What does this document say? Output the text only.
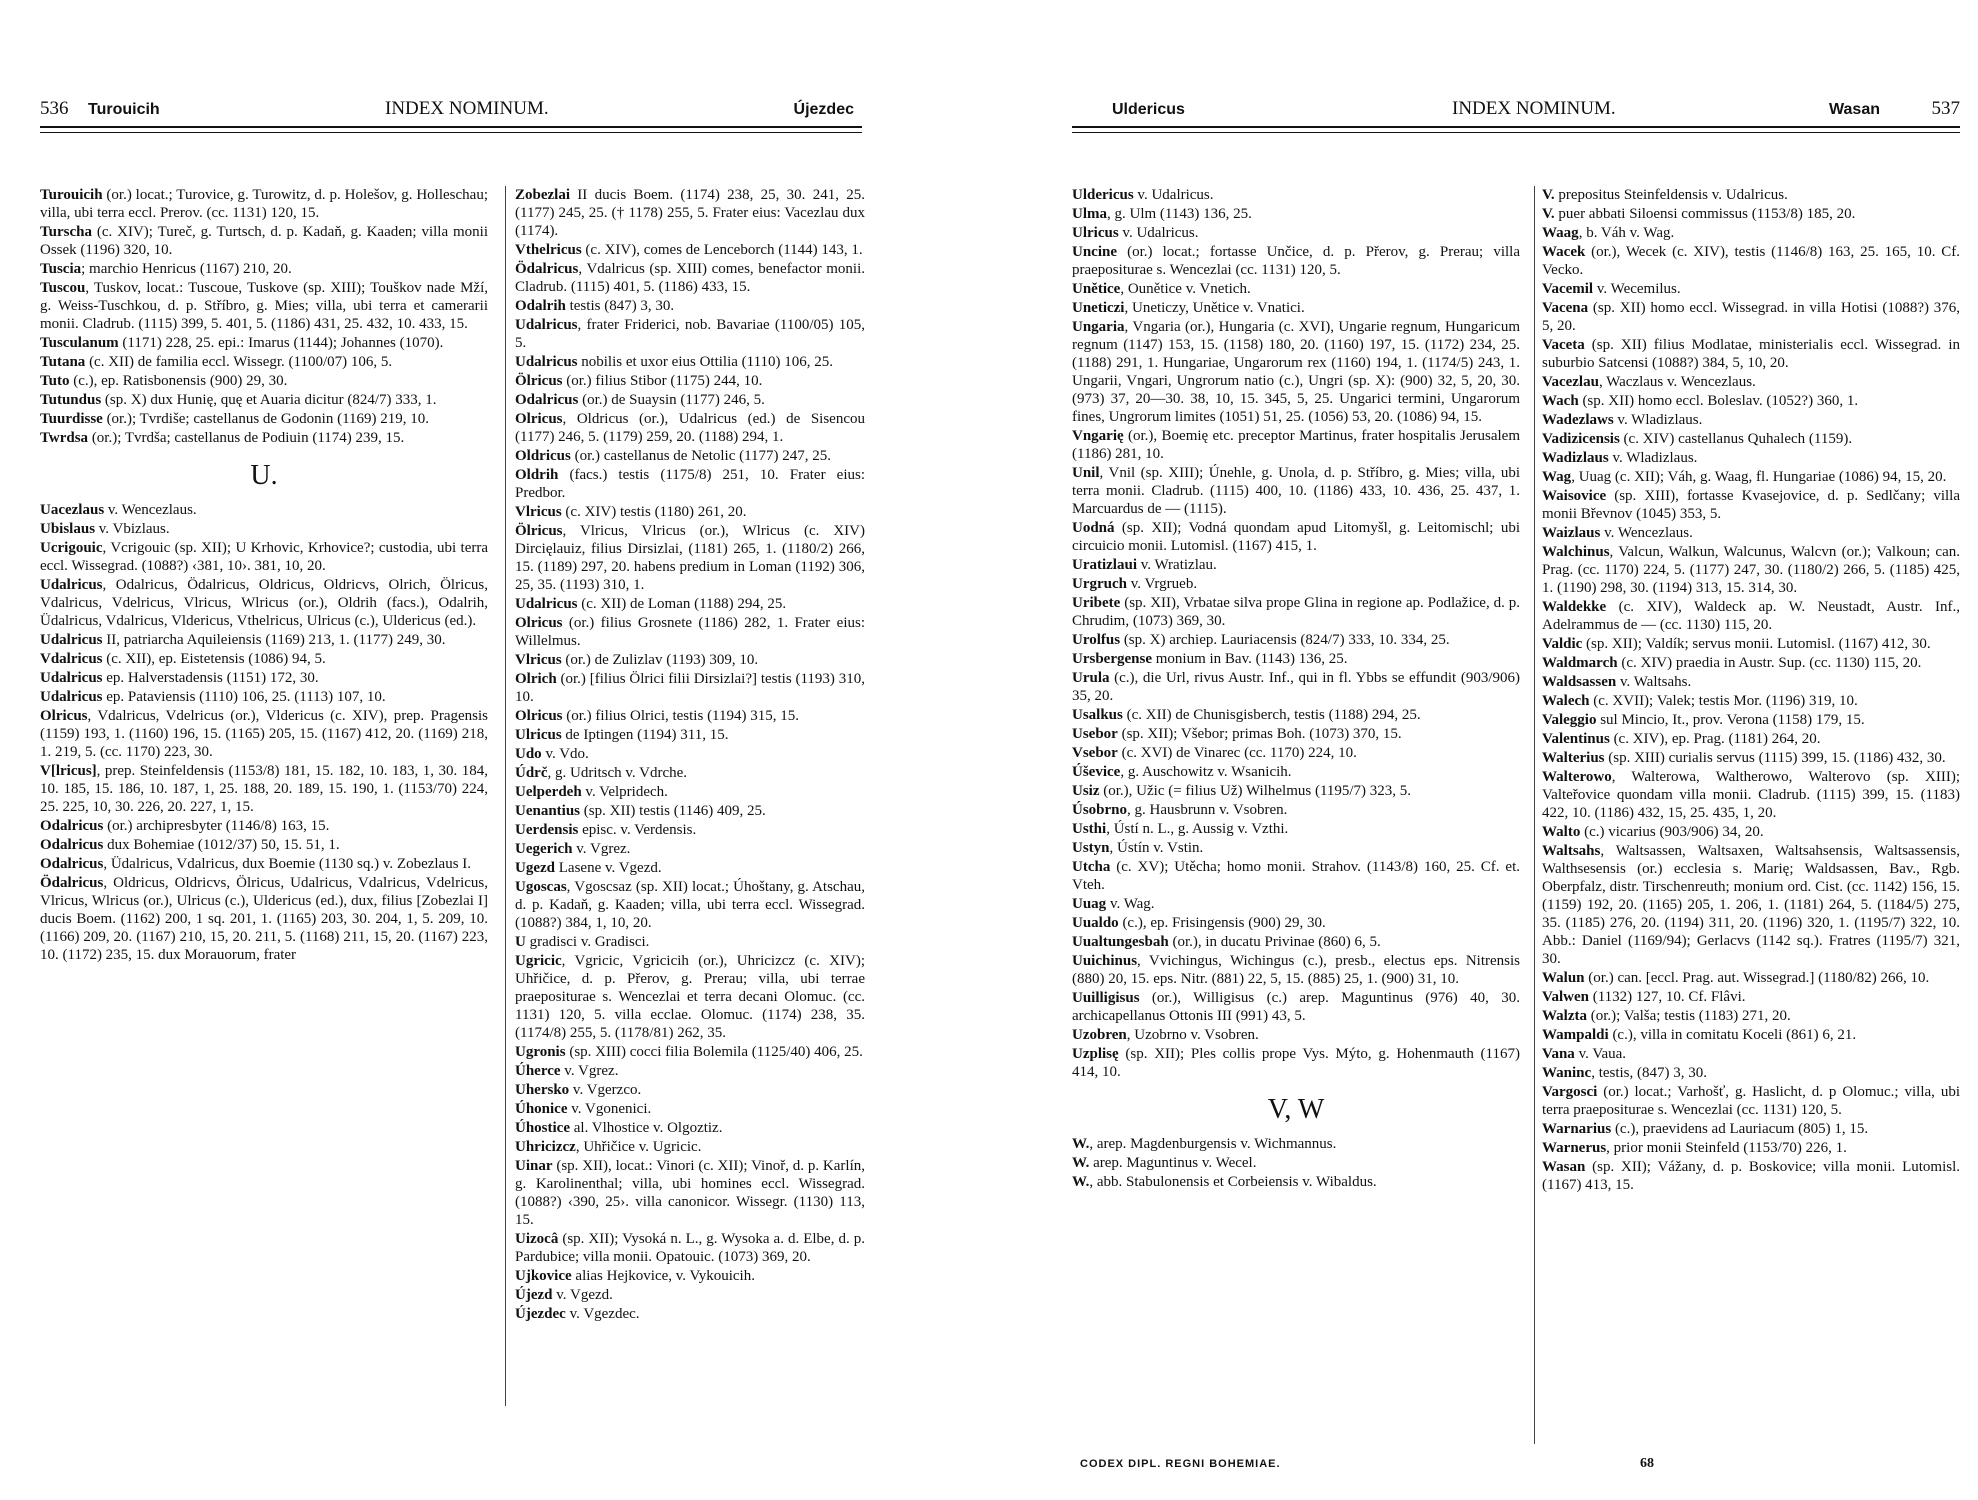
536 Turouicih	INDEX NOMINUM.	Újezdec

Turouicih (or.) locat.; Turovice, g. Turowitz, d. p. Holešov, g. Holleschau; villa, ubi terra eccl. Prerov. (cc. 1131) 120, 15.

Turscha (c. XIV); Tureč, g. Turtsch, d. p. Kadaň, g. Kaaden; villa monii Ossek (1196) 320, 10.

Tuscia; marchio Henricus (1167) 210, 20.

Tuscou, Tuskov, locat.: Tuscoue, Tuskove (sp. XIII); Touškov nade Mží, g. Weiss-Tuschkou, d. p. Stříbro, g. Mies; villa, ubi terra et camerarii monii. Cladrub. (1115) 399, 5. 401, 5. (1186) 431, 25. 432, 10. 433, 15.

Tusculanum (1171) 228, 25. epi.: Imarus (1144); Johannes (1070).

Tutana (c. XII) de familia eccl. Wissegr. (1100/07) 106, 5.

Tuto (c.), ep. Ratisbonensis (900) 29, 30.

Tutundus (sp. X) dux Hunię, quę et Auaria dicitur (824/7) 333, 1.

Tuurdisse (or.); Tvrdiše; castellanus de Godonin (1169) 219, 10.

Twrdsa (or.); Tvrdša; castellanus de Podiuin (1174) 239, 15.

U.

Uacezlaus v. Wencezlaus.

Ubislaus v. Vbizlaus.

Ucrigouic, Vcrigouic (sp. XII); U Krhovic, Krhovice?; custodia, ubi terra eccl. Wissegrad. (1088?) ‹381, 10›. 381, 10, 20.

Udalricus, Odalricus, Ödalricus, Oldricus, Oldricvs, Olrich, Ölricus, Vdalricus, Vdelricus, Vlricus, Wlricus (or.), Oldrih (facs.), Odalrih, Üdalricus, Vdalricus, Vldericus, Vthelricus, Ulricus (c.), Uldericus (ed.).

Udalricus II, patriarcha Aquileiensis (1169) 213, 1. (1177) 249, 30.

Vdalricus (c. XII), ep. Eistetensis (1086) 94, 5.

Udalricus ep. Halverstadensis (1151) 172, 30.

Udalricus ep. Pataviensis (1110) 106, 25. (1113) 107, 10.

Olricus, Vdalricus, Vdelricus (or.), Vldericus (c. XIV), prep. Pragensis (1159) 193, 1. (1160) 196, 15. (1165) 205, 15. (1167) 412, 20. (1169) 218, 1. 219, 5. (cc. 1170) 223, 30.

V[lricus], prep. Steinfeldensis (1153/8) 181, 15. 182, 10. 183, 1, 30. 184, 10. 185, 15. 186, 10. 187, 1, 25. 188, 20. 189, 15. 190, 1. (1153/70) 224, 25. 225, 10, 30. 226, 20. 227, 1, 15.

Odalricus (or.) archipresbyter (1146/8) 163, 15.

Odalricus dux Bohemiae (1012/37) 50, 15. 51, 1.

Odalricus, Üdalricus, Vdalricus, dux Boemie (1130 sq.) v. Zobezlaus I.

Ödalricus, Oldricus, Oldricvs, Ölricus, Udalricus, Vdalricus, Vdelricus, Vlricus, Wlricus (or.), Ulricus (c.), Uldericus (ed.), dux, filius [Zobezlai I] ducis Boem. (1162) 200, 1 sq. 201, 1. (1165) 203, 30. 204, 1, 5. 209, 10. (1166) 209, 20. (1167) 210, 15, 20. 211, 5. (1168) 211, 15, 20. (1167) 223, 10. (1172) 235, 15. dux Morauorum, frater

Zobezlai II ducis Boem. (1174) 238, 25, 30. 241, 25. (1177) 245, 25. († 1178) 255, 5. Frater eius: Vacezlau dux (1174).

Vthelricus (c. XIV), comes de Lenceborch (1144) 143, 1.

Ödalricus, Vdalricus (sp. XIII) comes, benefactor monii. Cladrub. (1115) 401, 5. (1186) 433, 15.

Odalrih testis (847) 3, 30.

Udalricus, frater Friderici, nob. Bavariae (1100/05) 105, 5.

Udalricus nobilis et uxor eius Ottilia (1110) 106, 25.

Ölricus (or.) filius Stibor (1175) 244, 10.

Odalricus (or.) de Suaysin (1177) 246, 5.

Olricus, Oldricus (or.), Udalricus (ed.) de Sisencou (1177) 246, 5. (1179) 259, 20. (1188) 294, 1.

Oldricus (or.) castellanus de Netolic (1177) 247, 25.

Oldrih (facs.) testis (1175/8) 251, 10. Frater eius: Predbor.

Vlricus (c. XIV) testis (1180) 261, 20.

Ölricus, Vlricus, Vlricus (or.), Wlricus (c. XIV) Dircięlauiz, filius Dirsizlai, (1181) 265, 1. (1180/2) 266, 15. (1189) 297, 20. habens predium in Loman (1192) 306, 25, 35. (1193) 310, 1.

Udalricus (c. XII) de Loman (1188) 294, 25.

Olricus (or.) filius Grosnete (1186) 282, 1. Frater eius: Willelmus.

Vlricus (or.) de Zulizlav (1193) 309, 10.

Olrich (or.) [filius Ölrici filii Dirsizlai?] testis (1193) 310, 10.

Olricus (or.) filius Olrici, testis (1194) 315, 15.

Ulricus de Iptingen (1194) 311, 15.

Udo v. Vdo.

Údrč, g. Udritsch v. Vdrche.

Uelperdeh v. Velpridech.

Uenantius (sp. XII) testis (1146) 409, 25.

Uerdensis episc. v. Verdensis.

Uegerich v. Vgrez.

Ugezd Lasene v. Vgezd.

Ugoscas, Vgoscsaz (sp. XII) locat.; Úhoštany, g. Atschau, d. p. Kadaň, g. Kaaden; villa, ubi terra eccl. Wissegrad. (1088?) 384, 1, 10, 20.

U gradisci v. Gradisci.

Ugricic, Vgricic, Vgricicih (or.), Uhricizcz (c. XIV); Uhřičice, d. p. Přerov, g. Prerau; villa, ubi terrae praepositurae s. Wencezlai et terra decani Olomuc. (cc. 1131) 120, 5. villa ecclae. Olomuc. (1174) 238, 35. (1174/8) 255, 5. (1178/81) 262, 35.

Ugronis (sp. XIII) cocci filia Bolemila (1125/40) 406, 25.

Úherce v. Vgrez.

Uhersko v. Vgerzco.

Úhonice v. Vgonenici.

Úhostice al. Vlhostice v. Olgoztiz.

Uhricizcz, Uhřičice v. Ugricic.

Uinar (sp. XII), locat.: Vinori (c. XII); Vinoř, d. p. Karlín, g. Karolinenthal; villa, ubi homines eccl. Wissegrad. (1088?) ‹390, 25›. villa canonicor. Wissegr. (1130) 113, 15.

Uizocâ (sp. XII); Vysoká n. L., g. Wysoka a. d. Elbe, d. p. Pardubice; villa monii. Opatouic. (1073) 369, 20.

Ujkovice alias Hejkovice, v. Vykouicih.

Újezd v. Vgezd.

Újezdec v. Vgezdec.

Uldericus	INDEX NOMINUM.	Wasan	537

Uldericus v. Udalricus.

Ulma, g. Ulm (1143) 136, 25.

Ulricus v. Udalricus.

Uncine (or.) locat.; fortasse Unčice, d. p. Přerov, g. Prerau; villa praepositurae s. Wencezlai (cc. 1131) 120, 5.

Unětice, Ounětice v. Vnetich.

Uneticzi, Uneticzy, Unětice v. Vnatici.

Ungaria, Vngaria (or.), Hungaria (c. XVI), Ungarie regnum, Hungaricum regnum (1147) 153, 15. (1158) 180, 20. (1160) 197, 15. (1172) 234, 25. (1188) 291, 1. Hungariae, Ungarorum rex (1160) 194, 1. (1174/5) 243, 1. Ungarii, Vngari, Ungrorum natio (c.), Ungri (sp. X): (900) 32, 5, 20, 30. (973) 37, 20—30. 38, 10, 15. 345, 5, 25. Ungarici termini, Ungarorum fines, Ungrorum limites (1051) 51, 25. (1056) 53, 20. (1086) 94, 15.

Vngarię (or.), Boemię etc. preceptor Martinus, frater hospitalis Jerusalem (1186) 281, 10.

Unil, Vnil (sp. XIII); Únehle, g. Unola, d. p. Stříbro, g. Mies; villa, ubi terra monii. Cladrub. (1115) 400, 10. (1186) 433, 10. 436, 25. 437, 1. Marcuardus de — (1115).

Uodná (sp. XII); Vodná quondam apud Litomyšl, g. Leitomischl; ubi circuicio monii. Lutomisl. (1167) 415, 1.

Uratizlaui v. Wratizlau.

Urgruch v. Vrgrueb.

Uribete (sp. XII), Vrbatae silva prope Glina in regione ap. Podlažice, d. p. Chrudim, (1073) 369, 30.

Urolfus (sp. X) archiep. Lauriacensis (824/7) 333, 10. 334, 25.

Ursbergense monium in Bav. (1143) 136, 25.

Urula (c.), die Url, rivus Austr. Inf., qui in fl. Ybbs se effundit (903/906) 35, 20.

Usalkus (c. XII) de Chunisgisberch, testis (1188) 294, 25.

Usebor (sp. XII); Všebor; primas Boh. (1073) 370, 15.

Vsebor (c. XVI) de Vinarec (cc. 1170) 224, 10.

Úševice, g. Auschowitz v. Wsanicih.

Usiz (or.), Užic (= filius Už) Wilhelmus (1195/7) 323, 5.

Úsobrno, g. Hausbrunn v. Vsobren.

Usthi, Ústí n. L., g. Aussig v. Vzthi.

Ustyn, Ústín v. Vstin.

Utcha (c. XV); Utěcha; homo monii. Strahov. (1143/8) 160, 25. Cf. et. Vteh.

Uuag v. Wag.

Uualdo (c.), ep. Frisingensis (900) 29, 30.

Uualtungesbah (or.), in ducatu Privinae (860) 6, 5.

Uuichinus, Vvichingus, Wichingus (c.), presb., electus eps. Nitrensis (880) 20, 15. eps. Nitr. (881) 22, 5, 15. (885) 25, 1. (900) 31, 10.

Uuilligisus (or.), Willigisus (c.) arep. Maguntinus (976) 40, 30. archicapellanus Ottonis III (991) 43, 5.

Uzobren, Uzobrno v. Vsobren.

Uzplisę (sp. XII); Ples collis prope Vys. Mýto, g. Hohenmauth (1167) 414, 10.

V, W

W., arep. Magdenburgensis v. Wichmannus.

W. arep. Maguntinus v. Wecel.

W., abb. Stabulonensis et Corbeiensis v. Wibaldus.

V. prepositus Steinfeldensis v. Udalricus.

V. puer abbati Siloensi commissus (1153/8) 185, 20.

Waag, b. Váh v. Wag.

Wacek (or.), Wecek (c. XIV), testis (1146/8) 163, 25. 165, 10. Cf. Vecko.

Vacemil v. Wecemilus.

Vacena (sp. XII) homo eccl. Wissegrad. in villa Hotisi (1088?) 376, 5, 20.

Vaceta (sp. XII) filius Modlatae, ministerialis eccl. Wissegrad. in suburbio Satcensi (1088?) 384, 5, 10, 20.

Vacezlau, Waczlaus v. Wencezlaus.

Wach (sp. XII) homo eccl. Boleslav. (1052?) 360, 1.

Wadezlaws v. Wladizlaus.

Vadizicensis (c. XIV) castellanus Quhalech (1159).

Wadizlaus v. Wladizlaus.

Wag, Uuag (c. XII); Váh, g. Waag, fl. Hungariae (1086) 94, 15, 20.

Waisovice (sp. XIII), fortasse Kvasejovice, d. p. Sedlčany; villa monii Břevnov (1045) 353, 5.

Waizlaus v. Wencezlaus.

Walchinus, Valcun, Walkun, Walcunus, Walcvn (or.); Valkoun; can. Prag. (cc. 1170) 224, 5. (1177) 247, 30. (1180/2) 266, 5. (1185) 425, 1. (1190) 298, 30. (1194) 313, 15. 314, 30.

Waldekke (c. XIV), Waldeck ap. W. Neustadt, Austr. Inf., Adelrammus de — (cc. 1130) 115, 20.

Valdic (sp. XII); Valdík; servus monii. Lutomisl. (1167) 412, 30.

Waldmarch (c. XIV) praedia in Austr. Sup. (cc. 1130) 115, 20.

Waldsassen v. Waltsahs.

Walech (c. XVII); Valek; testis Mor. (1196) 319, 10.

Valeggio sul Mincio, It., prov. Verona (1158) 179, 15.

Valentinus (c. XIV), ep. Prag. (1181) 264, 20.

Walterius (sp. XIII) curialis servus (1115) 399, 15. (1186) 432, 30.

Walterowo, Walterowa, Waltherowo, Walterovo (sp. XIII); Valteřovice quondam villa monii. Cladrub. (1115) 399, 15. (1183) 422, 10. (1186) 432, 15, 25. 435, 1, 20.

Walto (c.) vicarius (903/906) 34, 20.

Waltsahs, Waltsassen, Waltsaxen, Waltsahsensis, Waltsassensis, Walthsesensis (or.) ecclesia s. Marię; Waldsassen, Bav., Rgb. Oberpfalz, distr. Tirschenreuth; monium ord. Cist. (cc. 1142) 156, 15. (1159) 192, 20. (1165) 205, 1. 206, 1. (1181) 264, 5. (1184/5) 275, 35. (1185) 276, 20. (1194) 311, 20. (1196) 320, 1. (1195/7) 322, 10. Abb.: Daniel (1169/94); Gerlacvs (1142 sq.). Fratres (1195/7) 321, 30.

Walun (or.) can. [eccl. Prag. aut. Wissegrad.] (1180/82) 266, 10.

Valwen (1132) 127, 10. Cf. Flâvi.

Walzta (or.); Valša; testis (1183) 271, 20.

Wampaldi (c.), villa in comitatu Koceli (861) 6, 21.

Vana v. Vaua.

Waninc, testis, (847) 3, 30.

Vargosci (or.) locat.; Varhošť, g. Haslicht, d. p Olomuc.; villa, ubi terra praepositurae s. Wencezlai (cc. 1131) 120, 5.

Warnarius (c.), praevidens ad Lauriacum (805) 1, 15.

Warnerus, prior monii Steinfeld (1153/70) 226, 1.

Wasan (sp. XII); Vážany, d. p. Boskovice; villa monii. Lutomisl. (1167) 413, 15.

CODEX DIPL. REGNI BOHEMIAE.	68
